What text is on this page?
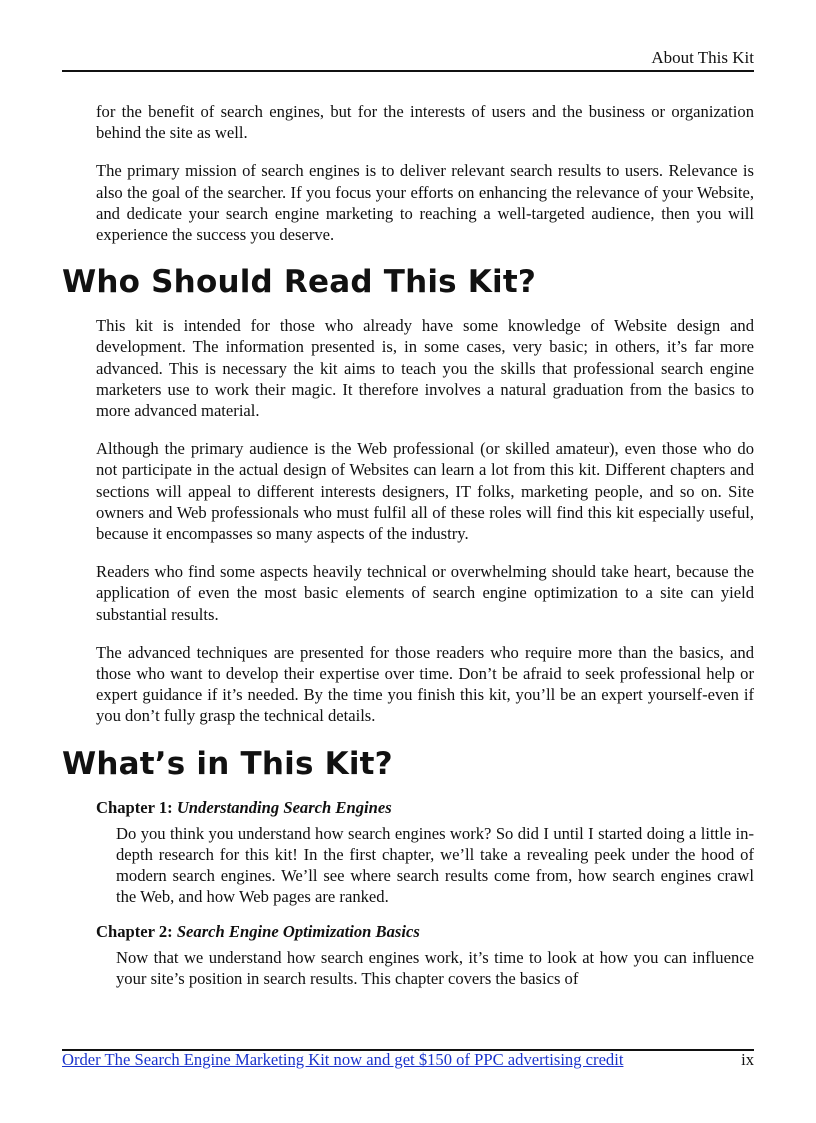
About This Kit

for the benefit of search engines, but for the interests of users and the business or organization behind the site as well.

The primary mission of search engines is to deliver relevant search results to users. Relevance is also the goal of the searcher. If you focus your efforts on enhancing the relevance of your Website, and dedicate your search engine marketing to reaching a well-targeted audience, then you will experience the success you deserve.

Who Should Read This Kit?

This kit is intended for those who already have some knowledge of Website design and development. The information presented is, in some cases, very basic; in others, it’s far more advanced. This is necessary the kit aims to teach you the skills that professional search engine marketers use to work their magic. It therefore involves a natural graduation from the basics to more advanced material.

Although the primary audience is the Web professional (or skilled amateur), even those who do not participate in the actual design of Websites can learn a lot from this kit. Different chapters and sections will appeal to different interests designers, IT folks, marketing people, and so on. Site owners and Web professionals who must fulfil all of these roles will find this kit especially useful, because it encompasses so many aspects of the industry.

Readers who find some aspects heavily technical or overwhelming should take heart, because the application of even the most basic elements of search engine optimization to a site can yield substantial results.

The advanced techniques are presented for those readers who require more than the basics, and those who want to develop their expertise over time. Don’t be afraid to seek professional help or expert guidance if it’s needed. By the time you finish this kit, you’ll be an expert yourself-even if you don’t fully grasp the technical details.

What’s in This Kit?
Chapter 1: Understanding Search Engines

Do you think you understand how search engines work? So did I until I started doing a little in-depth research for this kit! In the first chapter, we’ll take a revealing peek under the hood of modern search engines. We’ll see where search results come from, how search engines crawl the Web, and how Web pages are ranked.

Chapter 2: Search Engine Optimization Basics

Now that we understand how search engines work, it’s time to look at how you can influence your site’s position in search results. This chapter covers the basics of

Order The Search Engine Marketing Kit now and get $150 of PPC advertising credit	ix
